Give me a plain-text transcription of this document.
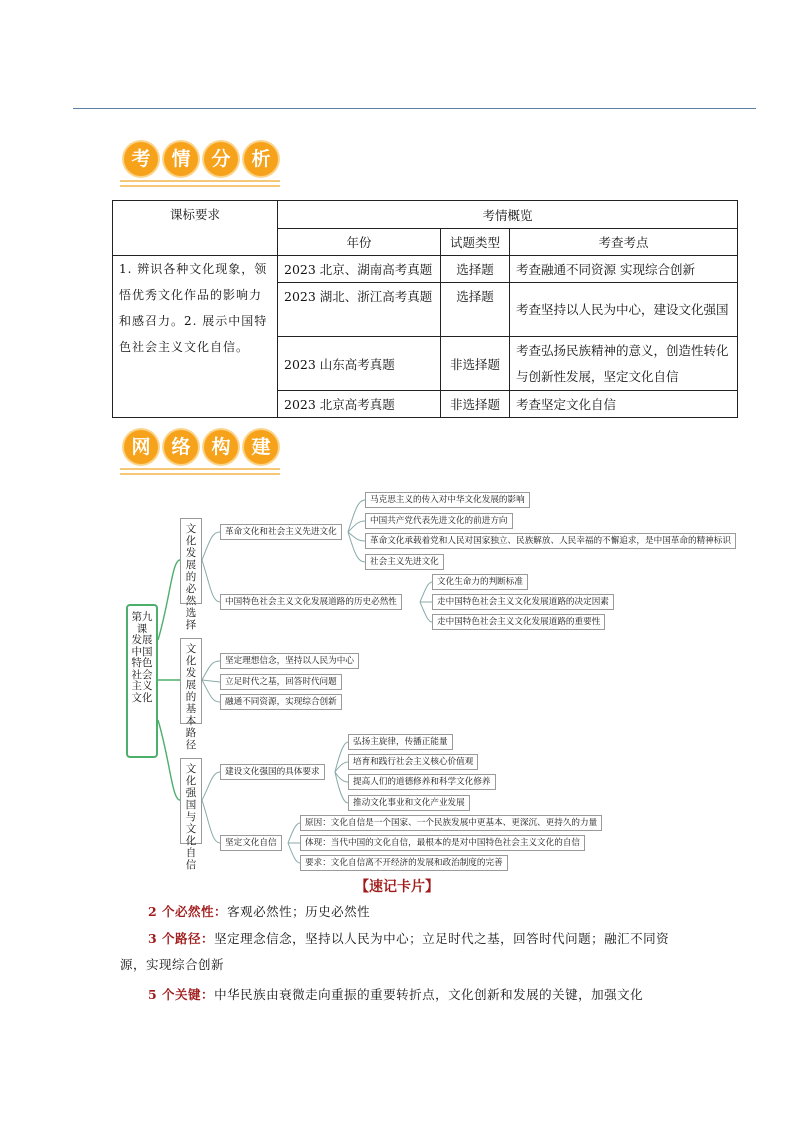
考	情	分	析
课标要求	考情概览		
	年份	试题类型	考查考点
1. 辨识各种文化现象，领悟优秀文化作品的影响力和感召力。2. 展示中国特色社会主义文化自信。	2023 北京、湖南高考真题	选择题	考查融通不同资源 实现综合创新
	2023 湖北、浙江高考真题	选择题	考查坚持以人民为中心，建设文化强国
	2023 山东高考真题	非选择题	考查弘扬民族精神的意义，创造性转化与创新性发展，坚定文化自信
	2023 北京高考真题	非选择题	考查坚定文化自信
网	络	构	建
第九课 发展中国特色社会主义文化
文化发展的必然选择
文化发展的基本路径
文化强国与文化自信
革命文化和社会主义先进文化
中国特色社会主义文化发展道路的历史必然性
马克思主义的传入对中华文化发展的影响
中国共产党代表先进文化的前进方向
革命文化承载着党和人民对国家独立、民族解放、人民幸福的不懈追求，是中国革命的精神标识
社会主义先进文化
文化生命力的判断标准
走中国特色社会主义文化发展道路的决定因素
走中国特色社会主义文化发展道路的重要性
坚定理想信念，坚持以人民为中心
立足时代之基，回答时代问题
融通不同资源，实现综合创新
建设文化强国的具体要求
坚定文化自信
弘扬主旋律，传播正能量
培育和践行社会主义核心价值观
提高人们的道德修养和科学文化修养
推动文化事业和文化产业发展
原因：文化自信是一个国家、一个民族发展中更基本、更深沉、更持久的力量
体现：当代中国的文化自信，最根本的是对中国特色社会主义文化的自信
要求：文化自信离不开经济的发展和政治制度的完善
【速记卡片】
2 个必然性：客观必然性；历史必然性
3 个路径：坚定理念信念，坚持以人民为中心；立足时代之基，回答时代问题；融汇不同资源，实现综合创新
5 个关键：中华民族由衰微走向重振的重要转折点，文化创新和发展的关键，加强文化
